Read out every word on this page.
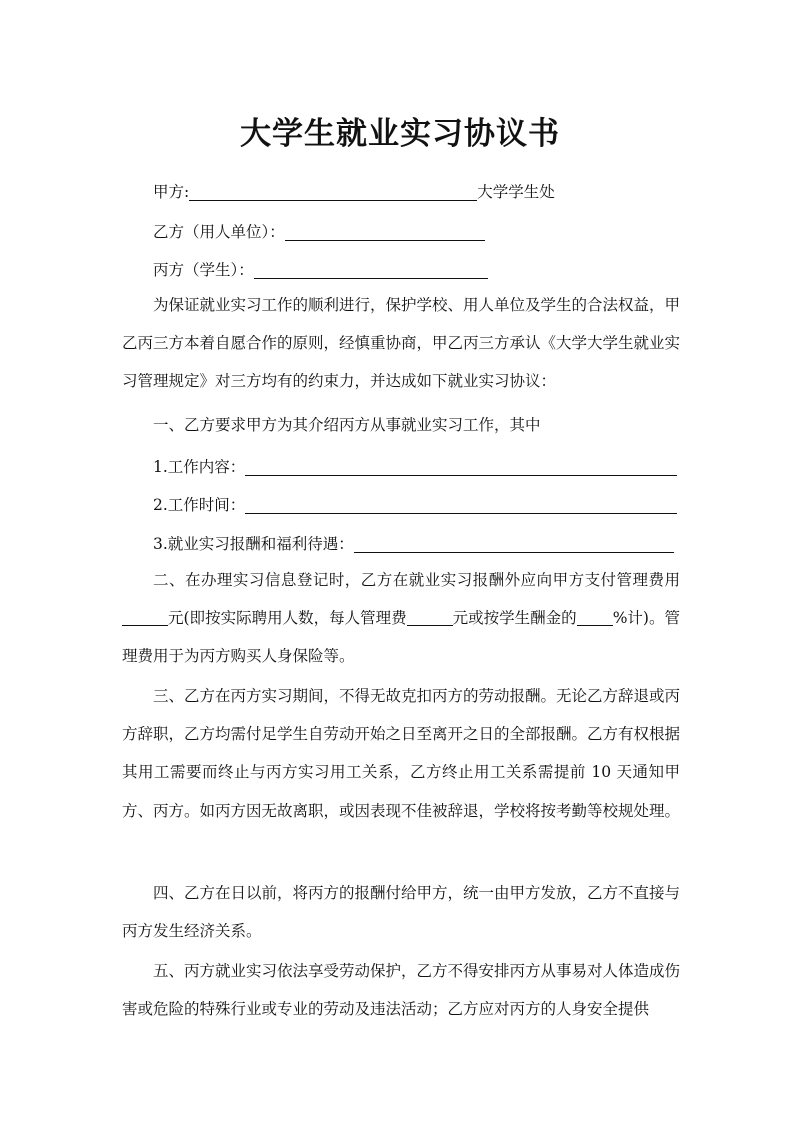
大学生就业实习协议书
甲方:	大学学生处
乙方（用人单位）：
丙方（学生）：

为保证就业实习工作的顺利进行，保护学校、用人单位及学生的合法权益，甲乙丙三方本着自愿合作的原则，经慎重协商，甲乙丙三方承认《大学大学生就业实习管理规定》对三方均有的约束力，并达成如下就业实习协议：

一、乙方要求甲方为其介绍丙方从事就业实习工作，其中
1.工作内容：
2.工作时间：
3.就业实习报酬和福利待遇：

二、在办理实习信息登记时，乙方在就业实习报酬外应向甲方支付管理费用元(即按实际聘用人数，每人管理费	元或按学生酬金的 %计)。管理费用于为丙方购买人身保险等。

三、乙方在丙方实习期间，不得无故克扣丙方的劳动报酬。无论乙方辞退或丙方辞职，乙方均需付足学生自劳动开始之日至离开之日的全部报酬。乙方有权根据其用工需要而终止与丙方实习用工关系，乙方终止用工关系需提前 10 天通知甲方、丙方。如丙方因无故离职，或因表现不佳被辞退，学校将按考勤等校规处理。

四、乙方在日以前，将丙方的报酬付给甲方，统一由甲方发放，乙方不直接与丙方发生经济关系。

五、丙方就业实习依法享受劳动保护，乙方不得安排丙方从事易对人体造成伤害或危险的特殊行业或专业的劳动及违法活动；乙方应对丙方的人身安全提供
